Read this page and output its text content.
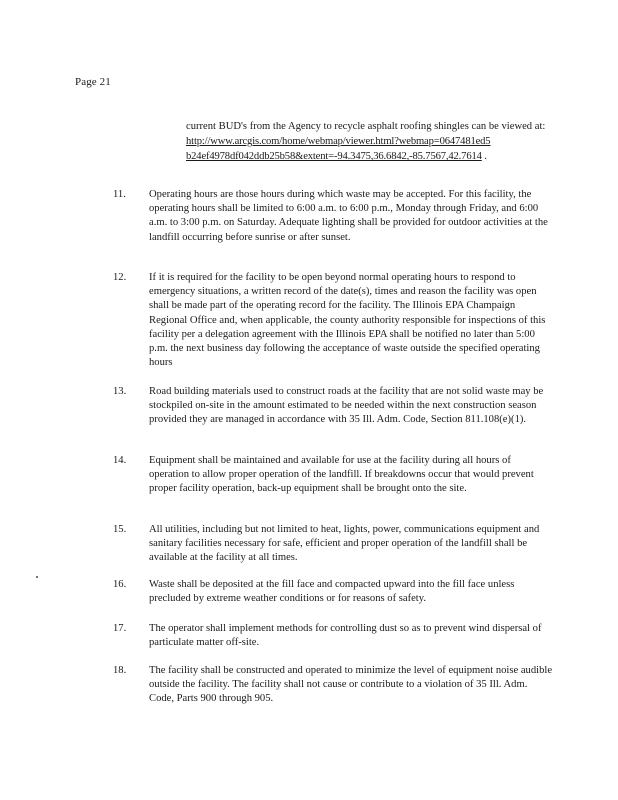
Page 21
current BUD's from the Agency to recycle asphalt roofing shingles can be viewed at:
http://www.arcgis.com/home/webmap/viewer.html?webmap=0647481ed5
b24ef4978df042ddb25b58&extent=-94.3475,36.6842,-85.7567,42.7614 .
11.	Operating hours are those hours during which waste may be accepted. For this facility, the operating hours shall be limited to 6:00 a.m. to 6:00 p.m., Monday through Friday, and 6:00 a.m. to 3:00 p.m. on Saturday. Adequate lighting shall be provided for outdoor activities at the landfill occurring before sunrise or after sunset.
12.	If it is required for the facility to be open beyond normal operating hours to respond to emergency situations, a written record of the date(s), times and reason the facility was open shall be made part of the operating record for the facility. The Illinois EPA Champaign Regional Office and, when applicable, the county authority responsible for inspections of this facility per a delegation agreement with the Illinois EPA shall be notified no later than 5:00 p.m. the next business day following the acceptance of waste outside the specified operating hours
13.	Road building materials used to construct roads at the facility that are not solid waste may be stockpiled on-site in the amount estimated to be needed within the next construction season provided they are managed in accordance with 35 Ill. Adm. Code, Section 811.108(e)(1).
14.	Equipment shall be maintained and available for use at the facility during all hours of operation to allow proper operation of the landfill. If breakdowns occur that would prevent proper facility operation, back-up equipment shall be brought onto the site.
15.	All utilities, including but not limited to heat, lights, power, communications equipment and sanitary facilities necessary for safe, efficient and proper operation of the landfill shall be available at the facility at all times.
16.	Waste shall be deposited at the fill face and compacted upward into the fill face unless precluded by extreme weather conditions or for reasons of safety.
17.	The operator shall implement methods for controlling dust so as to prevent wind dispersal of particulate matter off-site.
18.	The facility shall be constructed and operated to minimize the level of equipment noise audible outside the facility. The facility shall not cause or contribute to a violation of 35 Ill. Adm. Code, Parts 900 through 905.
